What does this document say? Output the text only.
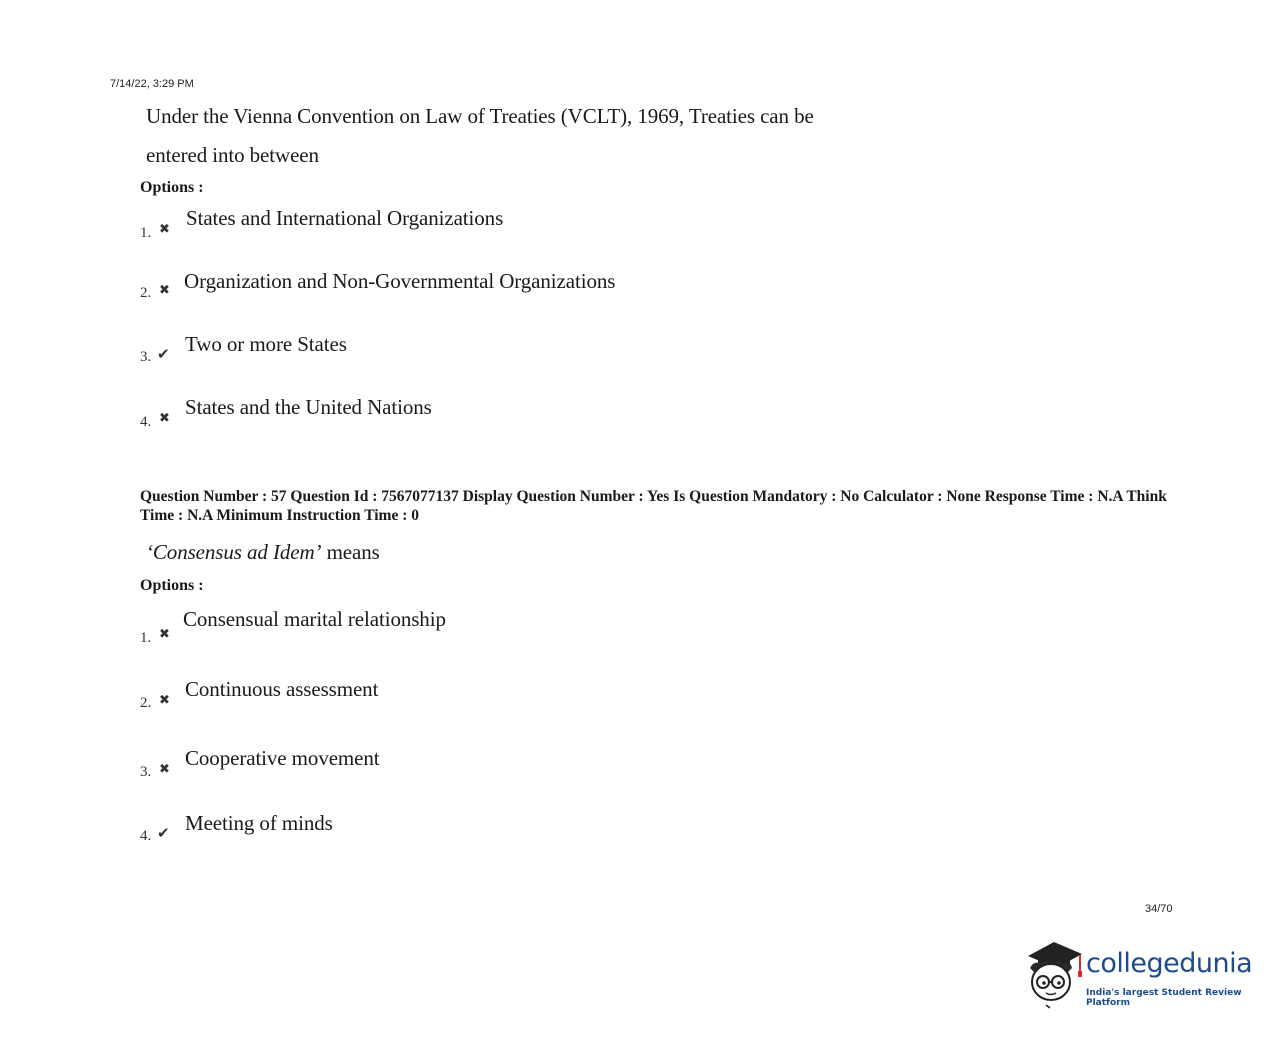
7/14/22, 3:29 PM
Under the Vienna Convention on Law of Treaties (VCLT), 1969, Treaties can be
entered into between
Options :
1. ✖ States and International Organizations
2. ✖ Organization and Non-Governmental Organizations
3. ✔ Two or more States
4. ✖ States and the United Nations
Question Number : 57 Question Id : 7567077137 Display Question Number : Yes Is Question Mandatory : No Calculator : None Response Time : N.A Think Time : N.A Minimum Instruction Time : 0
‘Consensus ad Idem’ means
Options :
1. ✖
Consensual marital relationship
2. ✖ Continuous assessment
3. ✖ Cooperative movement
4. ✔ Meeting of minds
34/70
collegedunia
India's largest Student Review Platform
